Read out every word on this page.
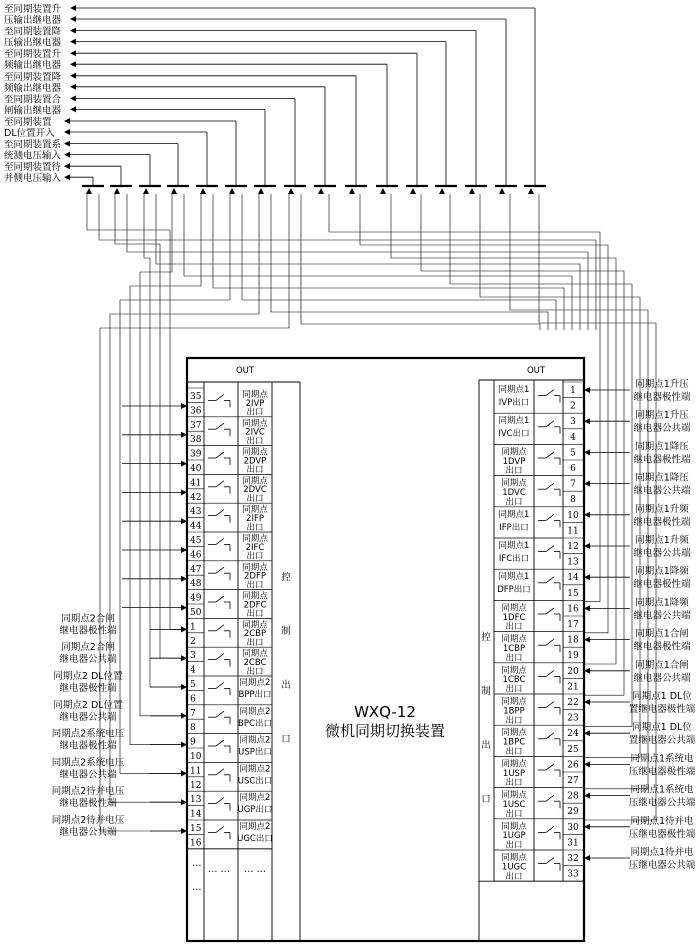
WXQ-12
微机同期切换装置
OUT	OUT
35
36
37
38
39
40
41
42
43
44
45
46
47
48
49
50
1
2
3
4
5
6
7
8
9
10
11
12
13
14
15
16
同期点
2IVP
出口
同期点
2IVC
出口
同期点
2DVP
出口
同期点
2DVC
出口
同期点
2IFP
出口
同期点
2IFC
出口
同期点
2DFP
出口
同期点
2DFC
出口
同期点
2CBP
出口
同期点
2CBC
出口
同期点2
BPP出口
同期点2
BPC出口
同期点2
USP出口
同期点2
USC出口
同期点2
UGP出口
同期点2
UGC出口
控
制
出
口
…
…
… … … …
同期点2合闸
继电器极性端
同期点2合闸
继电器公共端
同期点2 DL位置
继电器极性端
同期点2 DL位置
继电器公共端
同期点2系统电压
继电器极性端
同期点2系统电压
继电器公共端
同期点2待并电压
继电器极性端
同期点2待并电压
继电器公共端
1
2
3
4
5
6
7
8
10
11
12
13
14
15
16
17
18
19
20
21
22
23
24
25
26
27
28
29
30
31
32
33
同期点1
IVP出口
同期点1
IVC出口
同期点
1DVP
出口
同期点
1DVC
出口
同期点1
IFP出口
同期点1
IFC出口
同期点1
DFP出口
同期点
1DFC
出口
同期点
1CBP
出口
同期点
1CBC
出口
同期点
1BPP
出口
同期点
1BPC
出口
同期点
1USP
出口
同期点
1USC
出口
同期点
1UGP
出口
同期点
1UGC
出口
控
制
出
口
同期点1升压
继电器极性端
同期点1升压
继电器公共端
同期点1降压
继电器极性端
同期点1降压
继电器公共端
同期点1升频
继电器极性端
同期点1升频
继电器公共端
同期点1降频
继电器极性端
同期点1降频
继电器公共端
同期点1合闸
继电器极性端
同期点1合闸
继电器公共端
同期点1 DL位
置继电器极性端
同期点1 DL位
置继电器公共端
同期点1系统电
压继电器极性端
同期点1系统电
压继电器公共端
同期点1待并电
压继电器极性端
同期点1待并电
压继电器公共端
至同期装置升
压输出继电器
至同期装置降
压输出继电器
至同期装置升
频输出继电器
至同期装置降
频输出继电器
至同期装置合
闸输出继电器
至同期装置
DL位置开入
至同期装置系
统测电压输入
至同期装置待
并侧电压输入
